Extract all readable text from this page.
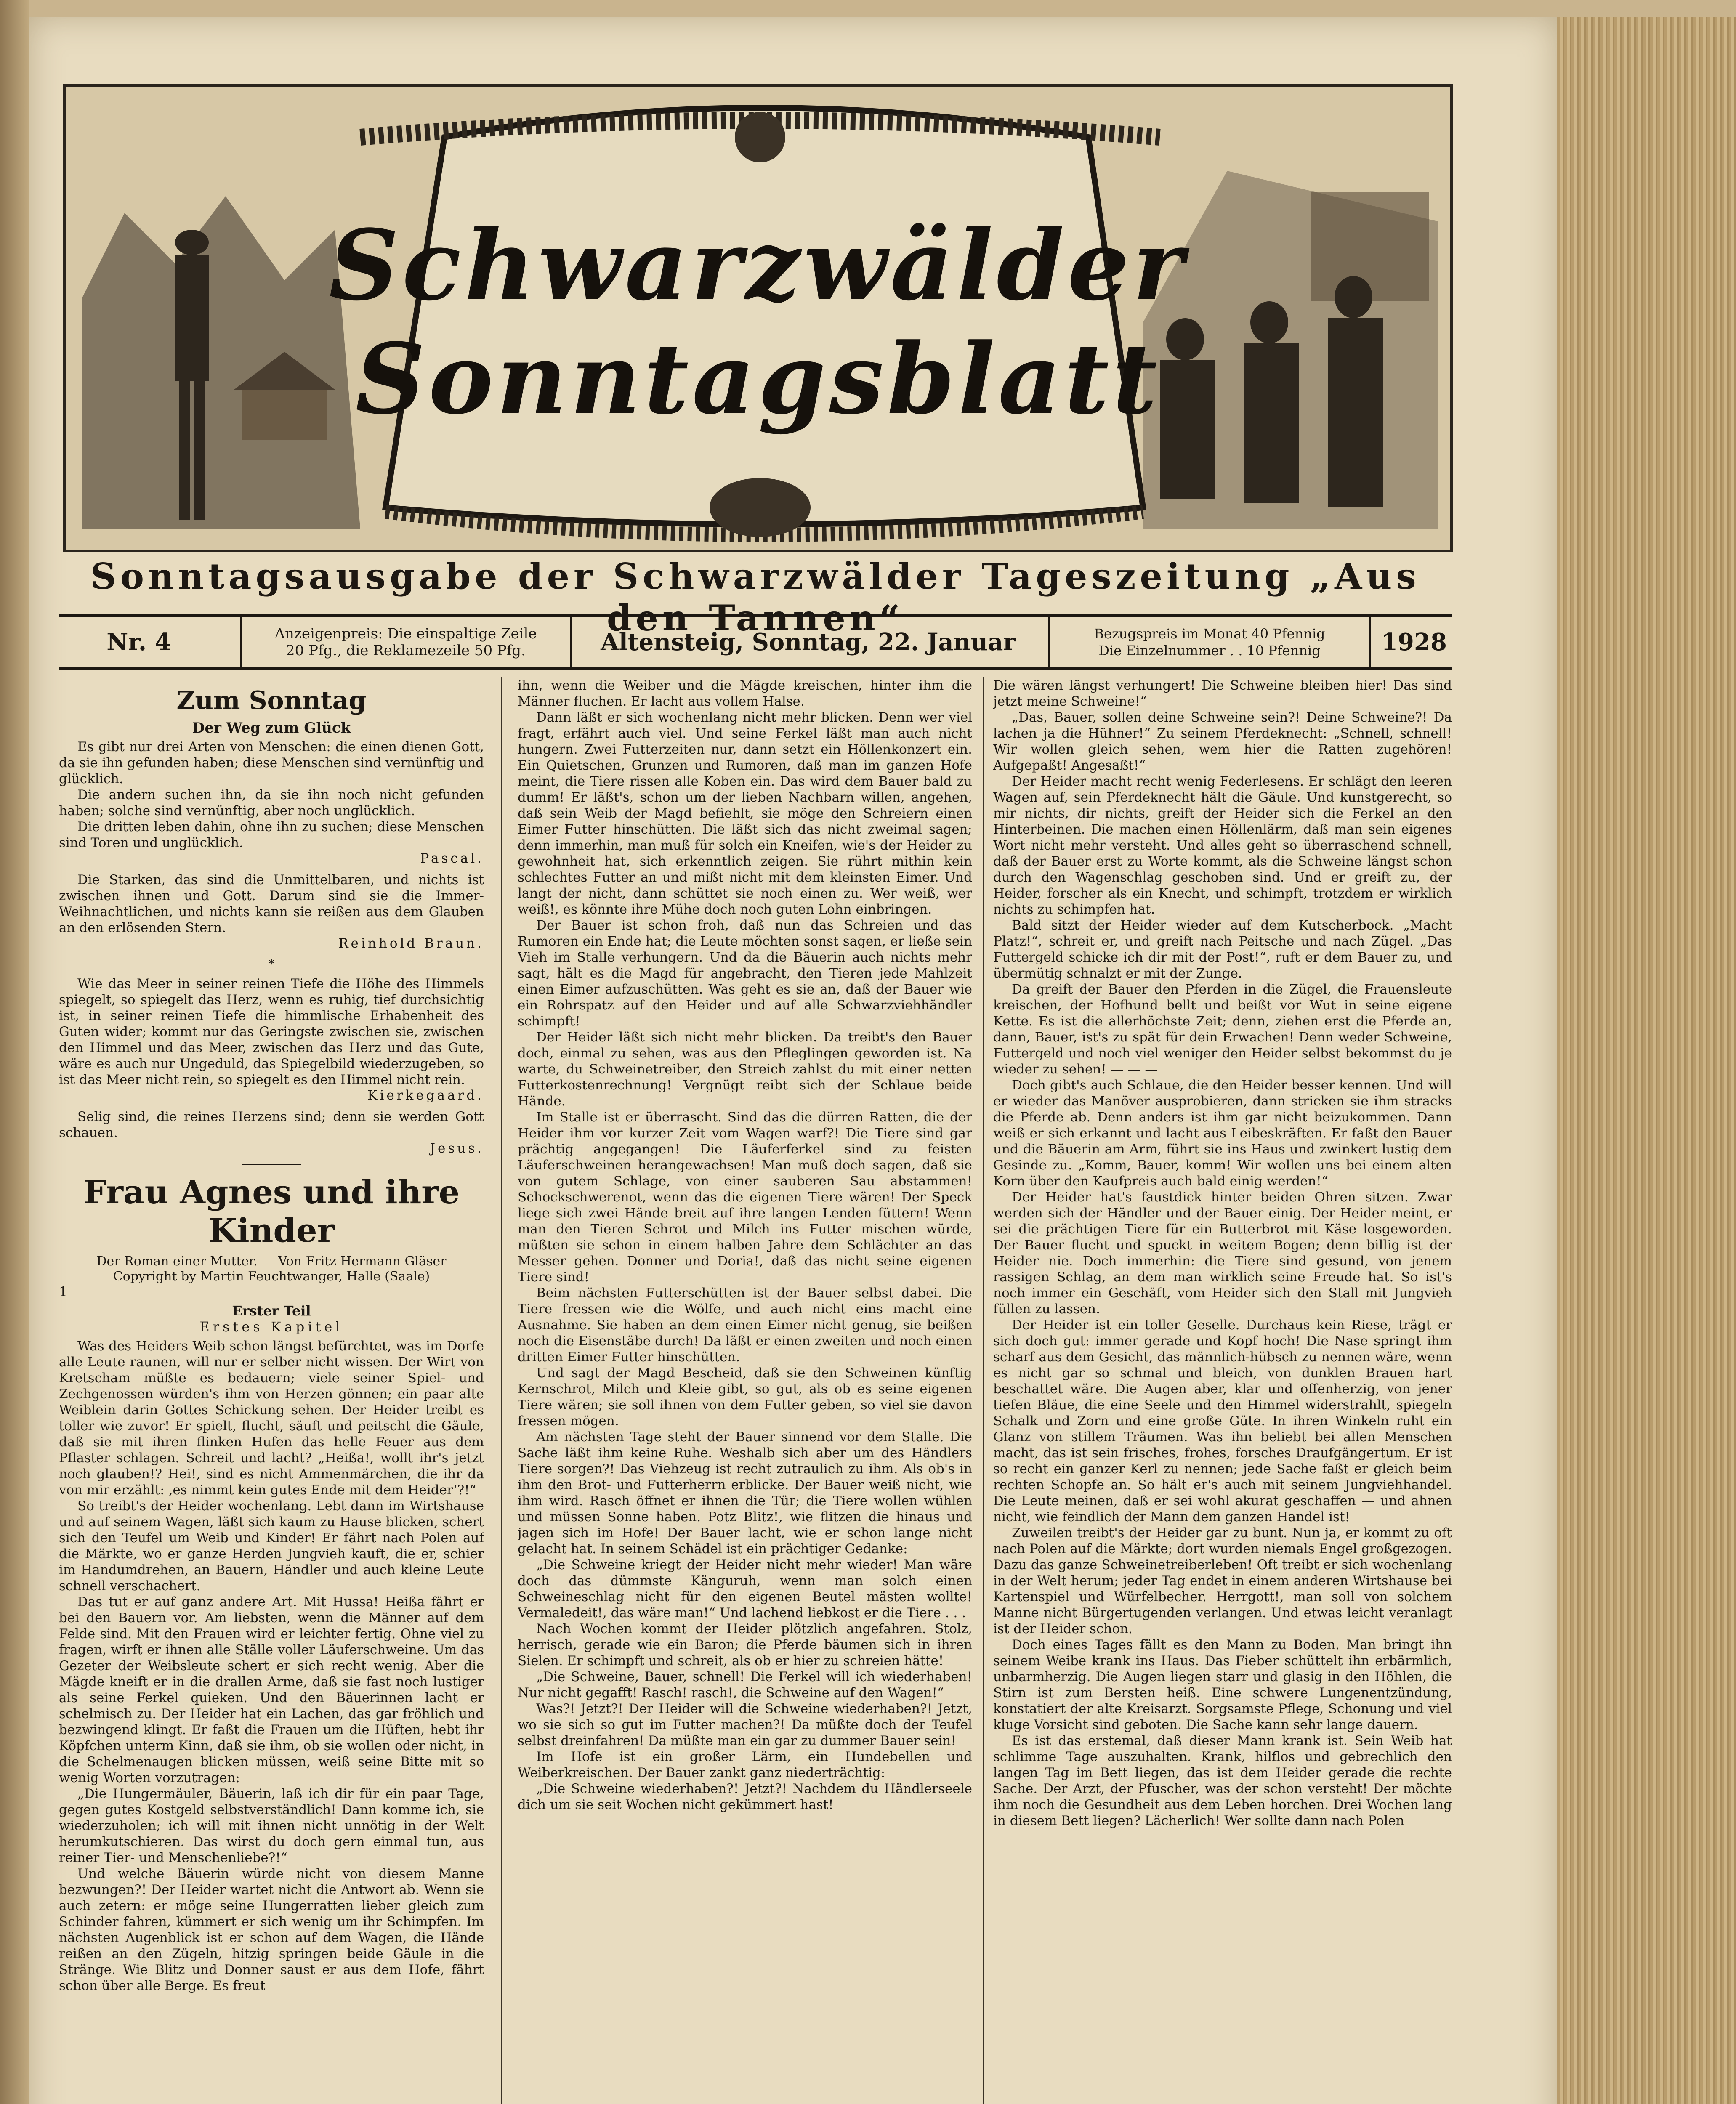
Schwarzwälder
Sonntagsblatt
Sonntagsausgabe der Schwarzwälder Tageszeitung „Aus den Tannen“
Nr. 4	Anzeigenpreis: Die einspaltige Zeile
20 Pfg., die Reklamezeile 50 Pfg.	Altensteig, Sonntag, 22. Januar	Bezugspreis im Monat 40 Pfennig
Die Einzelnummer . . 10 Pfennig	1928
Zum Sonntag
Der Weg zum Glück

Es gibt nur drei Arten von Menschen: die einen dienen Gott, da sie ihn gefunden haben; diese Menschen sind vernünftig und glücklich.

Die andern suchen ihn, da sie ihn noch nicht gefunden haben; solche sind vernünftig, aber noch unglücklich.

Die dritten leben dahin, ohne ihn zu suchen; diese Menschen sind Toren und unglücklich.

Pascal.

Die Starken, das sind die Unmittelbaren, und nichts ist zwischen ihnen und Gott. Darum sind sie die Immer-Weihnachtlichen, und nichts kann sie reißen aus dem Glauben an den erlösenden Stern.

Reinhold Braun.
*

Wie das Meer in seiner reinen Tiefe die Höhe des Himmels spiegelt, so spiegelt das Herz, wenn es ruhig, tief durchsichtig ist, in seiner reinen Tiefe die himmlische Erhabenheit des Guten wider; kommt nur das Geringste zwischen sie, zwischen den Himmel und das Meer, zwischen das Herz und das Gute, wäre es auch nur Ungeduld, das Spiegelbild wiederzugeben, so ist das Meer nicht rein, so spiegelt es den Himmel nicht rein.

Kierkegaard.

Selig sind, die reines Herzens sind; denn sie werden Gott schauen.

Jesus.
Frau Agnes und ihre Kinder
Der Roman einer Mutter. — Von Fritz Hermann Gläser
Copyright by Martin Feuchtwanger, Halle (Saale)
1
Erster Teil
Erstes Kapitel

Was des Heiders Weib schon längst befürchtet, was im Dorfe alle Leute raunen, will nur er selber nicht wissen. Der Wirt von Kretscham müßte es bedauern; viele seiner Spiel- und Zechgenossen würden's ihm von Herzen gönnen; ein paar alte Weiblein darin Gottes Schickung sehen. Der Heider treibt es toller wie zuvor! Er spielt, flucht, säuft und peitscht die Gäule, daß sie mit ihren flinken Hufen das helle Feuer aus dem Pflaster schlagen. Schreit und lacht? „Heißa!, wollt ihr's jetzt noch glauben!? Hei!, sind es nicht Ammenmärchen, die ihr da von mir erzählt: ‚es nimmt kein gutes Ende mit dem Heider‘?!“

So treibt's der Heider wochenlang. Lebt dann im Wirtshause und auf seinem Wagen, läßt sich kaum zu Hause blicken, schert sich den Teufel um Weib und Kinder! Er fährt nach Polen auf die Märkte, wo er ganze Herden Jungvieh kauft, die er, schier im Handumdrehen, an Bauern, Händler und auch kleine Leute schnell verschachert.

Das tut er auf ganz andere Art. Mit Hussa! Heißa fährt er bei den Bauern vor. Am liebsten, wenn die Männer auf dem Felde sind. Mit den Frauen wird er leichter fertig. Ohne viel zu fragen, wirft er ihnen alle Ställe voller Läuferschweine. Um das Gezeter der Weibsleute schert er sich recht wenig. Aber die Mägde kneift er in die drallen Arme, daß sie fast noch lustiger als seine Ferkel quieken. Und den Bäuerinnen lacht er schelmisch zu. Der Heider hat ein Lachen, das gar fröhlich und bezwingend klingt. Er faßt die Frauen um die Hüften, hebt ihr Köpfchen unterm Kinn, daß sie ihm, ob sie wollen oder nicht, in die Schelmenaugen blicken müssen, weiß seine Bitte mit so wenig Worten vorzutragen:

„Die Hungermäuler, Bäuerin, laß ich dir für ein paar Tage, gegen gutes Kostgeld selbstverständlich! Dann komme ich, sie wiederzuholen; ich will mit ihnen nicht unnötig in der Welt herumkutschieren. Das wirst du doch gern einmal tun, aus reiner Tier- und Menschenliebe?!“

Und welche Bäuerin würde nicht von diesem Manne bezwungen?! Der Heider wartet nicht die Antwort ab. Wenn sie auch zetern: er möge seine Hungerratten lieber gleich zum Schinder fahren, kümmert er sich wenig um ihr Schimpfen. Im nächsten Augenblick ist er schon auf dem Wagen, die Hände reißen an den Zügeln, hitzig springen beide Gäule in die Stränge. Wie Blitz und Donner saust er aus dem Hofe, fährt schon über alle Berge. Es freut

ihn, wenn die Weiber und die Mägde kreischen, hinter ihm die Männer fluchen. Er lacht aus vollem Halse.

Dann läßt er sich wochenlang nicht mehr blicken. Denn wer viel fragt, erfährt auch viel. Und seine Ferkel läßt man auch nicht hungern. Zwei Futterzeiten nur, dann setzt ein Höllenkonzert ein. Ein Quietschen, Grunzen und Rumoren, daß man im ganzen Hofe meint, die Tiere rissen alle Koben ein. Das wird dem Bauer bald zu dumm! Er läßt's, schon um der lieben Nachbarn willen, angehen, daß sein Weib der Magd befiehlt, sie möge den Schreiern einen Eimer Futter hinschütten. Die läßt sich das nicht zweimal sagen; denn immerhin, man muß für solch ein Kneifen, wie's der Heider zu gewohnheit hat, sich erkenntlich zeigen. Sie rührt mithin kein schlechtes Futter an und mißt nicht mit dem kleinsten Eimer. Und langt der nicht, dann schüttet sie noch einen zu. Wer weiß, wer weiß!, es könnte ihre Mühe doch noch guten Lohn einbringen.

Der Bauer ist schon froh, daß nun das Schreien und das Rumoren ein Ende hat; die Leute möchten sonst sagen, er ließe sein Vieh im Stalle verhungern. Und da die Bäuerin auch nichts mehr sagt, hält es die Magd für angebracht, den Tieren jede Mahlzeit einen Eimer aufzuschütten. Was geht es sie an, daß der Bauer wie ein Rohrspatz auf den Heider und auf alle Schwarzviehhändler schimpft!

Der Heider läßt sich nicht mehr blicken. Da treibt's den Bauer doch, einmal zu sehen, was aus den Pfleglingen geworden ist. Na warte, du Schweinetreiber, den Streich zahlst du mit einer netten Futterkostenrechnung! Vergnügt reibt sich der Schlaue beide Hände.

Im Stalle ist er überrascht. Sind das die dürren Ratten, die der Heider ihm vor kurzer Zeit vom Wagen warf?! Die Tiere sind gar prächtig angegangen! Die Läuferferkel sind zu feisten Läuferschweinen herangewachsen! Man muß doch sagen, daß sie von gutem Schlage, von einer sauberen Sau abstammen! Schockschwerenot, wenn das die eigenen Tiere wären! Der Speck liege sich zwei Hände breit auf ihre langen Lenden füttern! Wenn man den Tieren Schrot und Milch ins Futter mischen würde, müßten sie schon in einem halben Jahre dem Schlächter an das Messer gehen. Donner und Doria!, daß das nicht seine eigenen Tiere sind!

Beim nächsten Futterschütten ist der Bauer selbst dabei. Die Tiere fressen wie die Wölfe, und auch nicht eins macht eine Ausnahme. Sie haben an dem einen Eimer nicht genug, sie beißen noch die Eisenstäbe durch! Da läßt er einen zweiten und noch einen dritten Eimer Futter hinschütten.

Und sagt der Magd Bescheid, daß sie den Schweinen künftig Kernschrot, Milch und Kleie gibt, so gut, als ob es seine eigenen Tiere wären; sie soll ihnen von dem Futter geben, so viel sie davon fressen mögen.

Am nächsten Tage steht der Bauer sinnend vor dem Stalle. Die Sache läßt ihm keine Ruhe. Weshalb sich aber um des Händlers Tiere sorgen?! Das Viehzeug ist recht zutraulich zu ihm. Als ob's in ihm den Brot- und Futterherrn erblicke. Der Bauer weiß nicht, wie ihm wird. Rasch öffnet er ihnen die Tür; die Tiere wollen wühlen und müssen Sonne haben. Potz Blitz!, wie flitzen die hinaus und jagen sich im Hofe! Der Bauer lacht, wie er schon lange nicht gelacht hat. In seinem Schädel ist ein prächtiger Gedanke:

„Die Schweine kriegt der Heider nicht mehr wieder! Man wäre doch das dümmste Känguruh, wenn man solch einen Schweineschlag nicht für den eigenen Beutel mästen wollte! Vermaledeit!, das wäre man!“ Und lachend liebkost er die Tiere . . .

Nach Wochen kommt der Heider plötzlich angefahren. Stolz, herrisch, gerade wie ein Baron; die Pferde bäumen sich in ihren Sielen. Er schimpft und schreit, als ob er hier zu schreien hätte!

„Die Schweine, Bauer, schnell! Die Ferkel will ich wiederhaben! Nur nicht gegafft! Rasch! rasch!, die Schweine auf den Wagen!“

Was?! Jetzt?! Der Heider will die Schweine wiederhaben?! Jetzt, wo sie sich so gut im Futter machen?! Da müßte doch der Teufel selbst dreinfahren! Da müßte man ein gar zu dummer Bauer sein!

Im Hofe ist ein großer Lärm, ein Hundebellen und Weiberkreischen. Der Bauer zankt ganz niederträchtig:

„Die Schweine wiederhaben?! Jetzt?! Nachdem du Händlerseele dich um sie seit Wochen nicht gekümmert hast!

Die wären längst verhungert! Die Schweine bleiben hier! Das sind jetzt meine Schweine!“

„Das, Bauer, sollen deine Schweine sein?! Deine Schweine?! Da lachen ja die Hühner!“ Zu seinem Pferdeknecht: „Schnell, schnell! Wir wollen gleich sehen, wem hier die Ratten zugehören! Aufgepaßt! Angesaßt!“

Der Heider macht recht wenig Federlesens. Er schlägt den leeren Wagen auf, sein Pferdeknecht hält die Gäule. Und kunstgerecht, so mir nichts, dir nichts, greift der Heider sich die Ferkel an den Hinterbeinen. Die machen einen Höllenlärm, daß man sein eigenes Wort nicht mehr versteht. Und alles geht so überraschend schnell, daß der Bauer erst zu Worte kommt, als die Schweine längst schon durch den Wagenschlag geschoben sind. Und er greift zu, der Heider, forscher als ein Knecht, und schimpft, trotzdem er wirklich nichts zu schimpfen hat.

Bald sitzt der Heider wieder auf dem Kutscherbock. „Macht Platz!“, schreit er, und greift nach Peitsche und nach Zügel. „Das Futtergeld schicke ich dir mit der Post!“, ruft er dem Bauer zu, und übermütig schnalzt er mit der Zunge.

Da greift der Bauer den Pferden in die Zügel, die Frauensleute kreischen, der Hofhund bellt und beißt vor Wut in seine eigene Kette. Es ist die allerhöchste Zeit; denn, ziehen erst die Pferde an, dann, Bauer, ist's zu spät für dein Erwachen! Denn weder Schweine, Futtergeld und noch viel weniger den Heider selbst bekommst du je wieder zu sehen! — — —

Doch gibt's auch Schlaue, die den Heider besser kennen. Und will er wieder das Manöver ausprobieren, dann stricken sie ihm stracks die Pferde ab. Denn anders ist ihm gar nicht beizukommen. Dann weiß er sich erkannt und lacht aus Leibeskräften. Er faßt den Bauer und die Bäuerin am Arm, führt sie ins Haus und zwinkert lustig dem Gesinde zu. „Komm, Bauer, komm! Wir wollen uns bei einem alten Korn über den Kaufpreis auch bald einig werden!“

Der Heider hat's faustdick hinter beiden Ohren sitzen. Zwar werden sich der Händler und der Bauer einig. Der Heider meint, er sei die prächtigen Tiere für ein Butterbrot mit Käse losgeworden. Der Bauer flucht und spuckt in weitem Bogen; denn billig ist der Heider nie. Doch immerhin: die Tiere sind gesund, von jenem rassigen Schlag, an dem man wirklich seine Freude hat. So ist's noch immer ein Geschäft, vom Heider sich den Stall mit Jungvieh füllen zu lassen. — — —

Der Heider ist ein toller Geselle. Durchaus kein Riese, trägt er sich doch gut: immer gerade und Kopf hoch! Die Nase springt ihm scharf aus dem Gesicht, das männlich-hübsch zu nennen wäre, wenn es nicht gar so schmal und bleich, von dunklen Brauen hart beschattet wäre. Die Augen aber, klar und offenherzig, von jener tiefen Bläue, die eine Seele und den Himmel widerstrahlt, spiegeln Schalk und Zorn und eine große Güte. In ihren Winkeln ruht ein Glanz von stillem Träumen. Was ihn beliebt bei allen Menschen macht, das ist sein frisches, frohes, forsches Draufgängertum. Er ist so recht ein ganzer Kerl zu nennen; jede Sache faßt er gleich beim rechten Schopfe an. So hält er's auch mit seinem Jungviehhandel. Die Leute meinen, daß er sei wohl akurat geschaffen — und ahnen nicht, wie feindlich der Mann dem ganzen Handel ist!

Zuweilen treibt's der Heider gar zu bunt. Nun ja, er kommt zu oft nach Polen auf die Märkte; dort wurden niemals Engel großgezogen. Dazu das ganze Schweinetreiberleben! Oft treibt er sich wochenlang in der Welt herum; jeder Tag endet in einem anderen Wirtshause bei Kartenspiel und Würfelbecher. Herrgott!, man soll von solchem Manne nicht Bürgertugenden verlangen. Und etwas leicht veranlagt ist der Heider schon.

Doch eines Tages fällt es den Mann zu Boden. Man bringt ihn seinem Weibe krank ins Haus. Das Fieber schüttelt ihn erbärmlich, unbarmherzig. Die Augen liegen starr und glasig in den Höhlen, die Stirn ist zum Bersten heiß. Eine schwere Lungenentzündung, konstatiert der alte Kreisarzt. Sorgsamste Pflege, Schonung und viel kluge Vorsicht sind geboten. Die Sache kann sehr lange dauern.

Es ist das erstemal, daß dieser Mann krank ist. Sein Weib hat schlimme Tage auszuhalten. Krank, hilflos und gebrechlich den langen Tag im Bett liegen, das ist dem Heider gerade die rechte Sache. Der Arzt, der Pfuscher, was der schon versteht! Der möchte ihm noch die Gesundheit aus dem Leben horchen. Drei Wochen lang in diesem Bett liegen? Lächerlich! Wer sollte dann nach Polen
